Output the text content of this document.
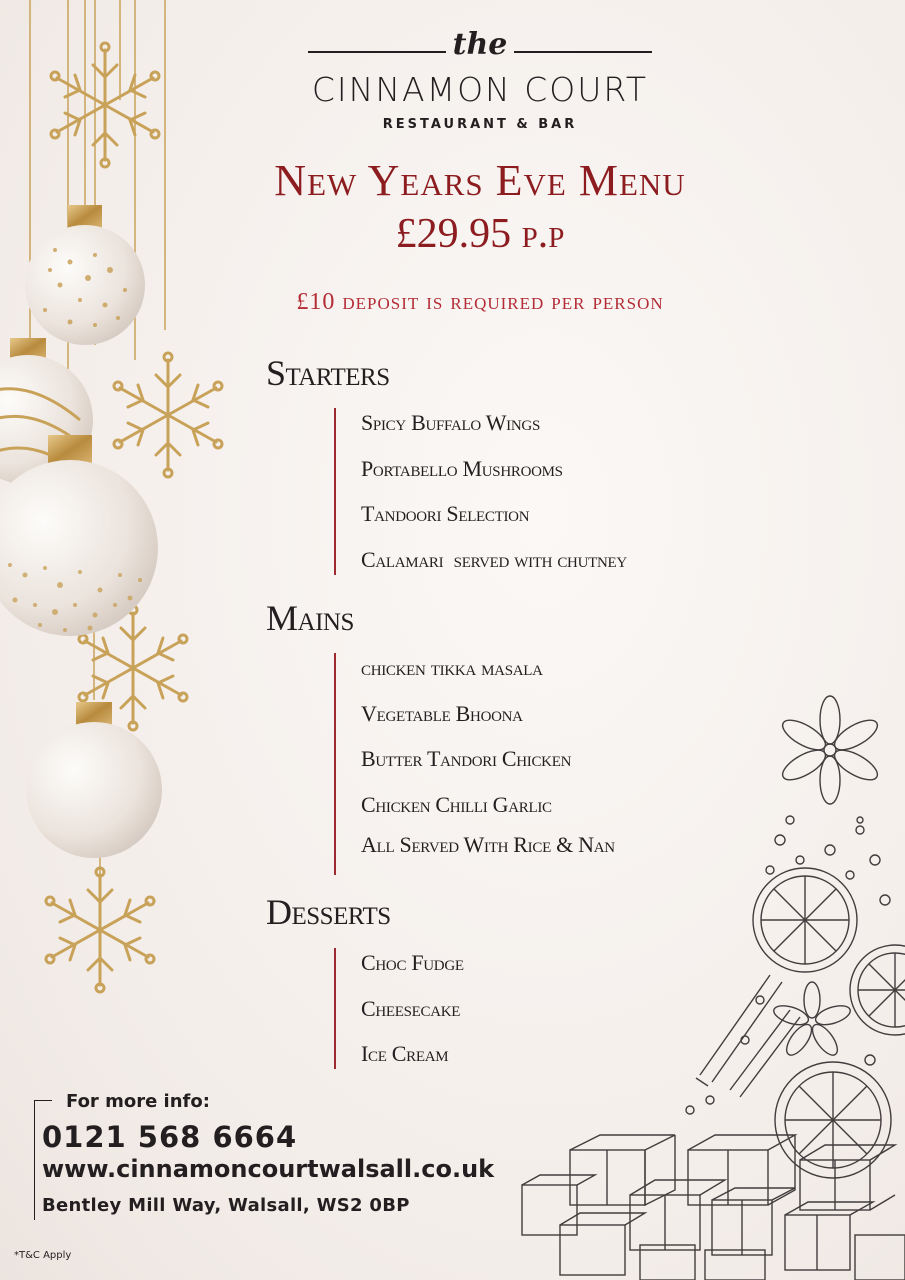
the
CINNAMON COURT
RESTAURANT & BAR
New Years Eve Menu
£29.95 p.p
£10 deposit is required per person
Starters
Spicy Buffalo Wings
Portabello Mushrooms
Tandoori Selection
Calamari  served with chutney
Mains
chicken tikka masala
Vegetable Bhoona
Butter Tandori Chicken
Chicken Chilli Garlic
All Served With Rice & Nan
Desserts
Choc Fudge
Cheesecake
Ice Cream
For more info:
0121 568 6664
www.cinnamoncourtwalsall.co.uk
Bentley Mill Way, Walsall, WS2 0BP
*T&C Apply
